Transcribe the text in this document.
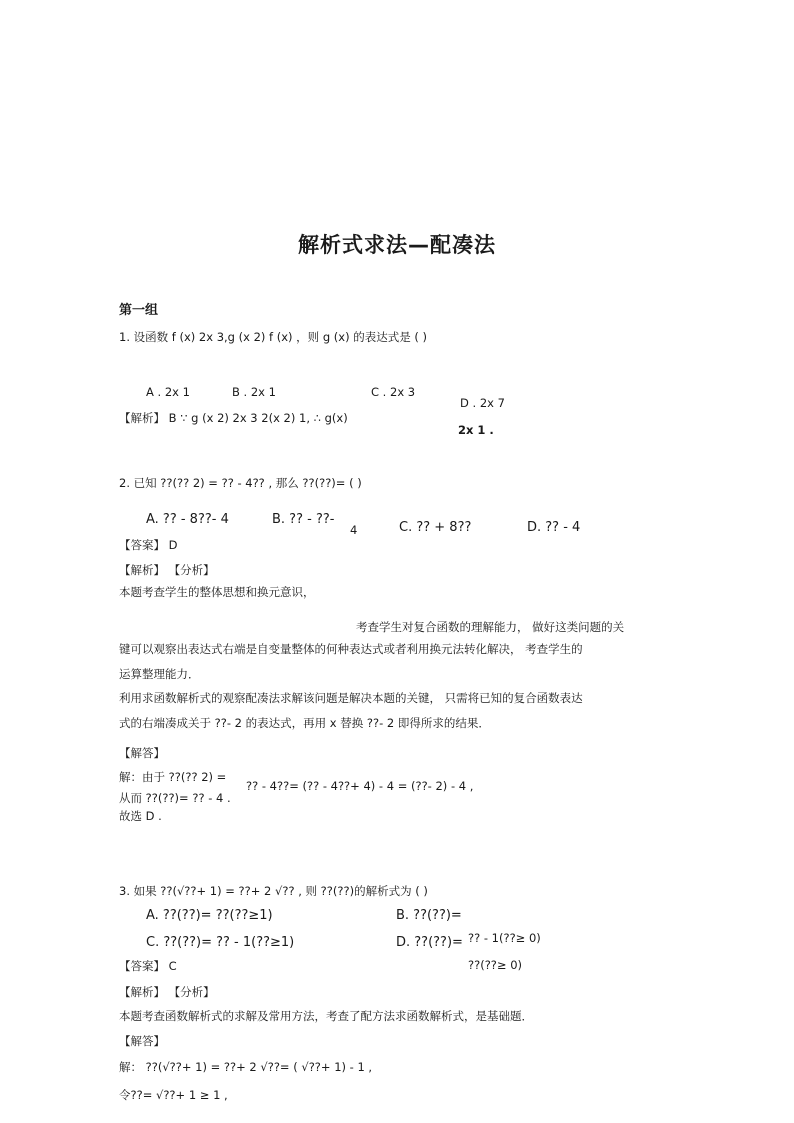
解析式求法—配凑法
第一组
1. 设函数 f (x) 2x 3,g (x 2) f (x) ，则 g (x) 的表达式是 ( )
A . 2x 1	B . 2x 1	C . 2x 3
D . 2x 7
【解析】 B ∵ g (x 2) 2x 3 2(x 2) 1, ∴ g(x)
2x 1 .
2. 已知 ??(?? 2) = ?? - 4?? , 那么 ??(??)= ( )
A. ?? - 8??- 4	B. ?? - ??-
4	C. ?? + 8??	D. ?? - 4
【答案】 D
【解析】 【分析】
本题考查学生的整体思想和换元意识，
考查学生对复合函数的理解能力， 做好这类问题的关
键可以观察出表达式右端是自变量整体的何种表达式或者利用换元法转化解决， 考查学生的
运算整理能力．
利用求函数解析式的观察配凑法求解该问题是解决本题的关键， 只需将已知的复合函数表达
式的右端凑成关于 ??- 2 的表达式，再用 x 替换 ??- 2 即得所求的结果．
【解答】
解：由于 ??(?? 2) =
?? - 4??= (?? - 4??+ 4) - 4 = (??- 2) - 4 ,
从而 ??(??)= ?? - 4 .
故选 D .
3. 如果 ??(√??+ 1) = ??+ 2 √?? , 则 ??(??)的解析式为 ( )
A. ??(??)= ??(??≥1)	B. ??(??)=
C. ??(??)= ?? - 1(??≥1)	D. ??(??)= ?? - 1(??≥ 0)
??(??≥ 0)
【答案】 C
【解析】 【分析】
本题考查函数解析式的求解及常用方法，考查了配方法求函数解析式，是基础题．
【解答】
解： ??(√??+ 1) = ??+ 2 √??= ( √??+ 1) - 1 ,
令??= √??+ 1 ≥ 1 ,
